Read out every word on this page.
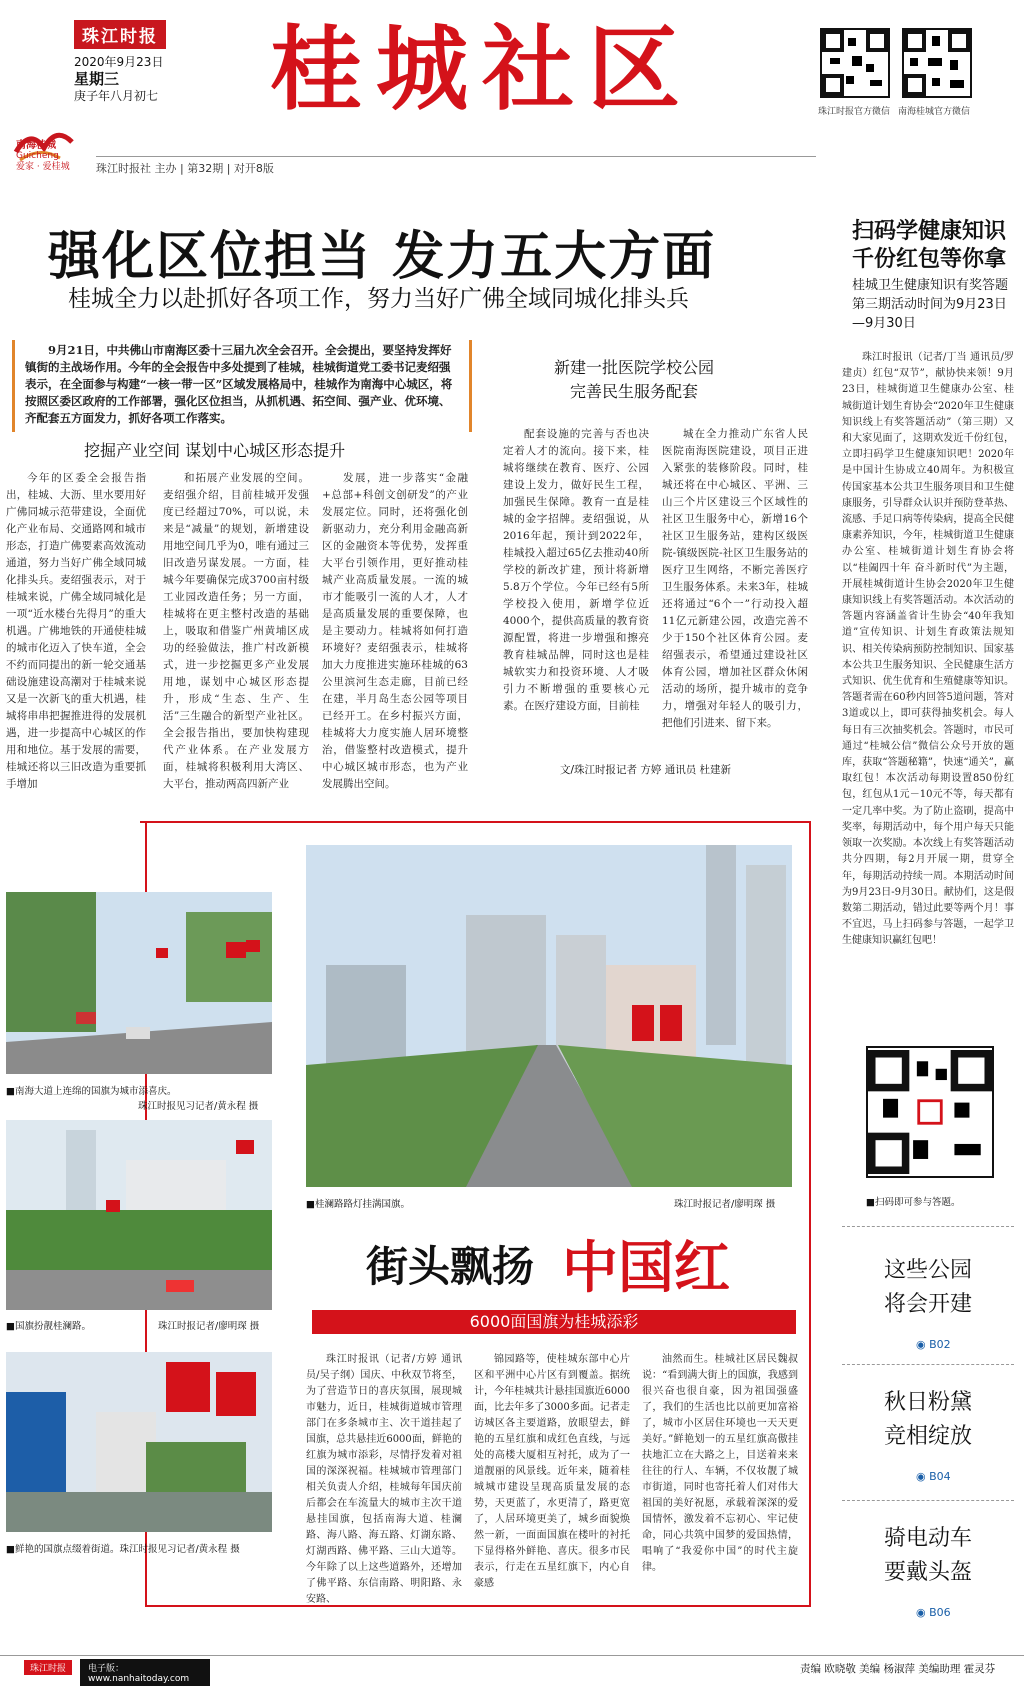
珠江时报
2020年9月23日
星期三
庚子年八月初七 桂城社区
南海桂城
Guicheng
爱家 · 爱桂城 珠江时报社 主办 | 第32期 | 对开8版
珠江时报官方微信 南海桂城官方微信
强化区位担当 发力五大方面
桂城全力以赴抓好各项工作，努力当好广佛全域同城化排头兵

9月21日，中共佛山市南海区委十三届九次全会召开。全会提出，要坚持发挥好镇街的主战场作用。今年的全会报告中多处提到了桂城，桂城街道党工委书记麦绍强表示，在全面参与构建“一核一带一区”区域发展格局中，桂城作为南海中心城区，将按照区委区政府的工作部署，强化区位担当，从抓机遇、拓空间、强产业、优环境、齐配套五方面发力，抓好各项工作落实。

挖掘产业空间 谋划中心城区形态提升

今年的区委全会报告指出，桂城、大沥、里水要用好广佛同城示范带建设，全面优化产业布局、交通路网和城市形态，打造广佛要素高效流动通道，努力当好广佛全域同城化排头兵。麦绍强表示，对于桂城来说，广佛全域同城化是一项“近水楼台先得月”的重大机遇。广佛地铁的开通使桂城的城市化迈入了快车道，全会不约而同提出的新一轮交通基础设施建设高潮对于桂城来说又是一次新飞的重大机遇，桂城将串串把握推进得的发展机遇，进一步提高中心城区的作用和地位。基于发展的需要，桂城还将以三旧改造为重要抓手增加

和拓展产业发展的空间。麦绍强介绍，目前桂城开发强度已经超过70%，可以说，未来是“减量”的规划，新增建设用地空间几乎为0，唯有通过三旧改造另谋发展。一方面，桂城今年要确保完成3700亩村级工业园改造任务；另一方面，桂城将在更主整村改造的基础上，吸取和借鉴广州黄埔区成功的经验做法，推广村改新模式，进一步挖掘更多产业发展用地，谋划中心城区形态提升，形成“生态、生产、生活”三生融合的新型产业社区。全会报告指出，要加快构建现代产业体系。在产业发展方面，桂城将积极利用大湾区、大平台，推动两高四新产业

发展，进一步落实“金融+总部+科创文创研发”的产业发展定位。同时，还将强化创新驱动力，充分利用金融高新区的金融资本等优势，发挥重大平台引领作用，更好推动桂城产业高质量发展。一流的城市才能吸引一流的人才，人才是高质量发展的重要保障，也是主要动力。桂城将如何打造环境好？麦绍强表示，桂城将加大力度推进实施环桂城的63公里滨河生态走廊，目前已经在建，半月岛生态公园等项目已经开工。在乡村振兴方面，桂城将大力度实施人居环境整治，借鉴整村改造模式，提升中心城区城市形态，也为产业发展腾出空间。

新建一批医院学校公园
完善民生服务配套

配套设施的完善与否也决定着人才的流向。接下来，桂城将继续在教育、医疗、公园建设上发力，做好民生工程，加强民生保障。教育一直是桂城的金字招牌。麦绍强说，从2016年起，预计到2022年，桂城投入超过65亿去推动40所学校的新改扩建，预计将新增5.8万个学位。今年已经有5所学校投入使用，新增学位近4000个，提供高质量的教育资源配置，将进一步增强和擦亮教育桂城品牌，同时这也是桂城软实力和投资环境、人才吸引力不断增强的重要核心元素。在医疗建设方面，目前桂

城在全力推动广东省人民医院南海医院建设，项目正进入紧张的装修阶段。同时，桂城还将在中心城区、平洲、三山三个片区建设三个区域性的社区卫生服务中心，新增16个社区卫生服务站，建构区级医院-镇级医院-社区卫生服务站的医疗卫生网络，不断完善医疗卫生服务体系。未来3年，桂城还将通过“6个一”行动投入超11亿元新建公园，改造完善不少于150个社区体育公园。麦绍强表示，希望通过建设社区体育公园，增加社区群众休闲活动的场所，提升城市的竞争力，增强对年轻人的吸引力，把他们引进来、留下来。

文/珠江时报记者 方婷 通讯员 杜建新
扫码学健康知识
千份红包等你拿
桂城卫生健康知识有奖答题第三期活动时间为9月23日—9月30日

珠江时报讯（记者/丁当 通讯员/罗建贞）红包“双节”，献协快来领！9月23日，桂城街道卫生健康办公室、桂城街道计划生育协会“2020年卫生健康知识线上有奖答题活动”（第三期）又和大家见面了，这期欢发近千份红包，立即扫码学卫生健康知识吧！2020年是中国计生协成立40周年。为积极宣传国家基本公共卫生服务项目和卫生健康服务，引导群众认识并预防登革热、流感、手足口病等传染病，提高全民健康素养知识，今年，桂城街道卫生健康办公室、桂城街道计划生育协会将以“桂阖四十年 奋斗新时代”为主题，开展桂城街道计生协会2020年卫生健康知识线上有奖答题活动。本次活动的答题内容涵盖省计生协会“40年我知道”宣传知识、计划生育政策法规知识、相关传染病预防控制知识、国家基本公共卫生服务知识、全民健康生活方式知识、优生优育和生殖健康等知识。答题者需在60秒内回答5道问题，答对3道或以上，即可获得抽奖机会。每人每日有三次抽奖机会。答题时，市民可通过“桂城公信”微信公众号开放的题库，获取“答题秘籍”，快速“通关”，赢取红包！本次活动每期设置850份红包，红包从1元－10元不等，每天都有一定几率中奖。为了防止盗刷，提高中奖率，每期活动中，每个用户每天只能领取一次奖励。本次线上有奖答题活动共分四期，每2月开展一期，贯穿全年，每期活动持续一周。本期活动时间为9月23日-9月30日。献协们，这是假数第二期活动，错过此要等两个月！事不宜迟，马上扫码参与答题，一起学卫生健康知识赢红包吧！

■扫码即可参与答题。
■南海大道上连绵的国旗为城市添喜庆。
珠江时报见习记者/黄永程 摄
■国旗扮靓桂澜路。	珠江时报记者/廖明琛 摄
■鲜艳的国旗点缀着街道。珠江时报见习记者/黄永程 摄
■桂澜路路灯挂满国旗。	珠江时报记者/廖明琛 摄
街头飘扬 中国红
6000面国旗为桂城添彩

珠江时报讯（记者/方婷 通讯员/吴子纲）国庆、中秋双节将至，为了营造节日的喜庆氛围，展现城市魅力，近日，桂城街道城市管理部门在多条城市主、次干道挂起了国旗，总共悬挂近6000面，鲜艳的红旗为城市添彩，尽情抒发着对祖国的深深祝福。桂城城市管理部门相关负责人介绍，桂城每年国庆前后都会在车流量大的城市主次干道悬挂国旗，包括南海大道、桂澜路、海八路、海五路、灯湖东路、灯湖西路、佛平路、三山大道等。今年除了以上这些道路外，还增加了佛平路、东信南路、明阳路、永安路、

锦园路等，使桂城东部中心片区和平洲中心片区有到覆盖。据统计，今年桂城共计悬挂国旗近6000面，比去年多了3000多面。记者走访城区各主要道路，放眼望去，鲜艳的五星红旗和成红色直线，与远处的高楼大厦相互衬托，成为了一道靓丽的风景线。近年来，随着桂城城市建设呈现高质量发展的态势，天更蓝了，水更清了，路更宽了，人居环境更美了，城乡面貌焕然一新，一面面国旗在楼叶的衬托下显得格外鲜艳、喜庆。很多市民表示，行走在五星红旗下，内心自豪感

油然而生。桂城社区居民魏叔说：“看到满大街上的国旗，我感到很兴奋也很自豪，因为祖国强盛了，我们的生活也比以前更加富裕了，城市小区居住环境也一天天更美好。”鲜艳划一的五星红旗高傲挂扶地汇立在大路之上，目送着来来往往的行人、车辆，不仅妆靓了城市街道，同时也寄托着人们对伟大祖国的美好祝愿，承载着深深的爱国情怀，激发着不忘初心、牢记使命，同心共筑中国梦的爱国热情，唱响了“我爱你中国”的时代主旋律。

这些公园
将会开建
◉ B02
秋日粉黛
竞相绽放
◉ B04
骑电动车
要戴头盔
◉ B06
珠江时报	电子版：www.nanhaitoday.com
责编 欧晓敬 美编 杨淑萍 美编助理 霍灵芬
